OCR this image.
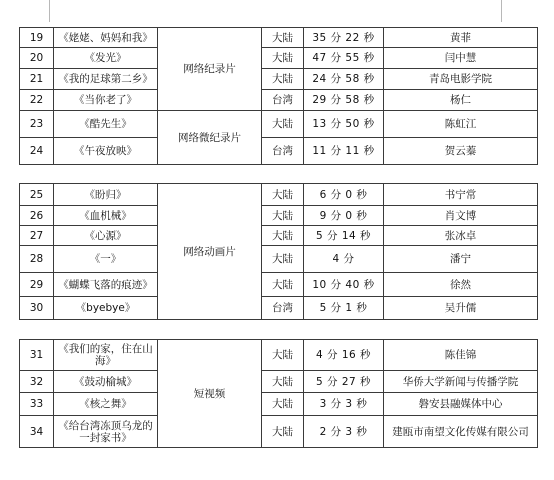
19	《姥姥、妈妈和我》	网络纪录片	大陆	35 分 22 秒	黄菲
20	《发光》		大陆	47 分 55 秒	闫中慧
21	《我的足球第二乡》		大陆	24 分 58 秒	青岛电影学院
22	《当你老了》		台湾	29 分 58 秒	杨仁
23	《酷先生》	网络微纪录片	大陆	13 分 50 秒	陈虹江
24	《午夜放映》		台湾	11 分 11 秒	贺云蓁
25	《盼归》	网络动画片	大陆	6 分 0 秒	书宁常
26	《血机械》		大陆	9 分 0 秒	肖文博
27	《心源》		大陆	5 分 14 秒	张冰卓
28	《一》		大陆	4 分	潘宁
29	《蝴蝶飞落的痕迹》		大陆	10 分 40 秒	徐然
30	《byebye》		台湾	5 分 1 秒	吴升儒
31	《我们的家，住在山海》	短视频	大陆	4 分 16 秒	陈佳锦
32	《鼓动榆城》		大陆	5 分 27 秒	华侨大学新闻与传播学院
33	《核之舞》		大陆	3 分 3 秒	磐安县融媒体中心
34	《给台湾冻顶乌龙的一封家书》		大陆	2 分 3 秒	建瓯市南望文化传媒有限公司
